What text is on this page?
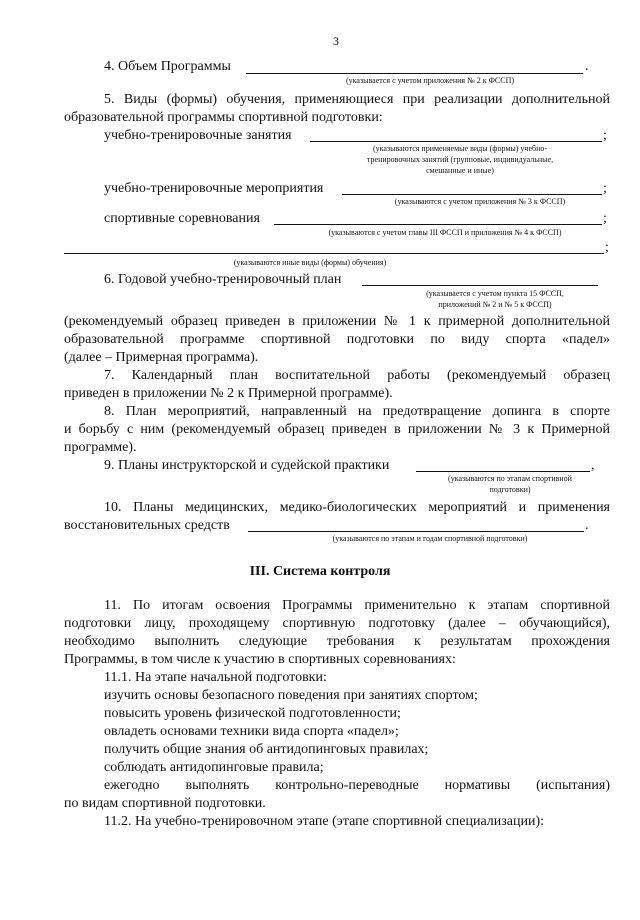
3
4. Объем Программы	.
(указывается с учетом приложения № 2 к ФССП)
5. Виды (формы) обучения, применяющиеся при реализации дополнительной
образовательной программы спортивной подготовки:
учебно-тренировочные занятия	;
(указываются применяемые виды (формы) учебно-
тренировочных занятий (групповые, индивидуальные,
смешанные и иные)
учебно-тренировочные мероприятия	;
(указываются с учетом приложения № 3 к ФССП)
спортивные соревнования	;
(указываются с учетом главы III ФССП и приложения № 4 к ФССП)
;
(указываются иные виды (формы) обучения)
6. Годовой учебно-тренировочный план
(указывается с учетом пункта 15 ФССП,
приложений № 2 и № 5 к ФССП)
(рекомендуемый образец приведен в приложении № 1 к примерной дополнительной
образовательной программе спортивной подготовки по виду спорта «падел»
(далее – Примерная программа).
7. Календарный план воспитательной работы (рекомендуемый образец
приведен в приложении № 2 к Примерной программе).
8. План мероприятий, направленный на предотвращение допинга в спорте
и борьбу с ним (рекомендуемый образец приведен в приложении № 3 к Примерной
программе).
9. Планы инструкторской и судейской практики	,
(указываются по этапам спортивной
подготовки)
10. Планы медицинских, медико-биологических мероприятий и применения
восстановительных средств	.
(указываются по этапам и годам спортивной подготовки)
III. Система контроля
11. По итогам освоения Программы применительно к этапам спортивной
подготовки лицу, проходящему спортивную подготовку (далее – обучающийся),
необходимо выполнить следующие требования к результатам прохождения
Программы, в том числе к участию в спортивных соревнованиях:
11.1. На этапе начальной подготовки:
изучить основы безопасного поведения при занятиях спортом;
повысить уровень физической подготовленности;
овладеть основами техники вида спорта «падел»;
получить общие знания об антидопинговых правилах;
соблюдать антидопинговые правила;
ежегодно выполнять контрольно-переводные нормативы (испытания)
по видам спортивной подготовки.
11.2. На учебно-тренировочном этапе (этапе спортивной специализации):
